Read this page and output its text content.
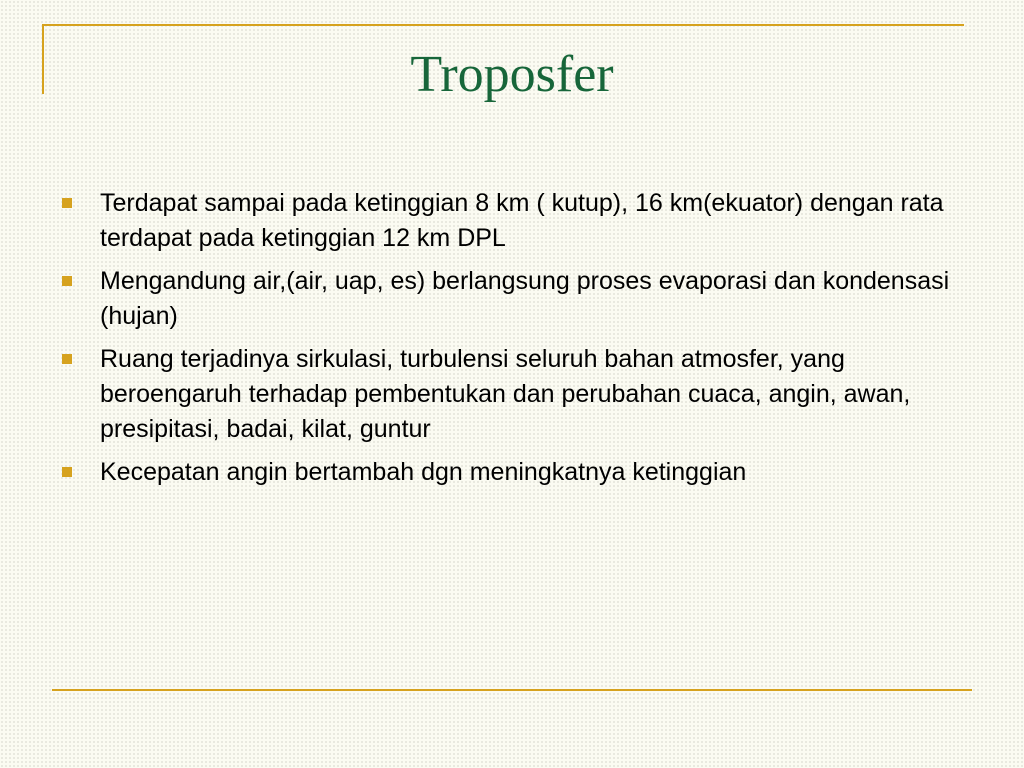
Troposfer
Terdapat sampai pada ketinggian 8 km ( kutup), 16 km(ekuator) dengan rata terdapat pada ketinggian 12 km DPL
Mengandung air,(air, uap, es) berlangsung proses evaporasi dan kondensasi (hujan)
Ruang terjadinya sirkulasi, turbulensi seluruh bahan atmosfer, yang beroengaruh terhadap pembentukan dan perubahan cuaca, angin, awan, presipitasi, badai, kilat, guntur
Kecepatan angin bertambah dgn meningkatnya ketinggian
